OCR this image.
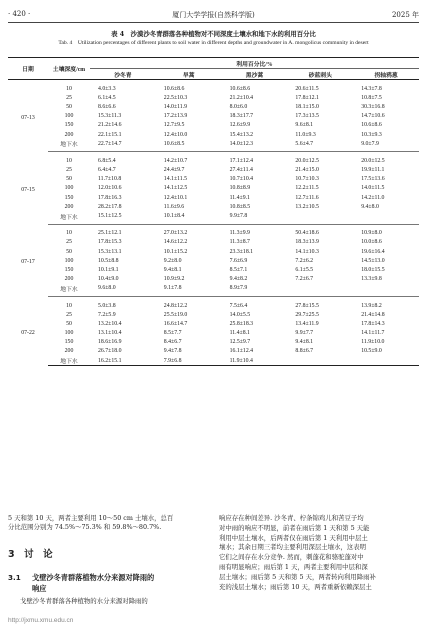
· 420 ·	厦门大学学报(自然科学版)	2025 年
表 4　沙漠沙冬青群落各种植物对不同深度土壤水和地下水的利用百分比
Tab. 4　Utilization percentages of different plants to soil water in different depths and groundwater in A. mongolicus community in desert
日期	土壤深度/cm	利用百分比/%				
		沙冬青	旱蒿	黑沙蒿	砂蓝刺头	拐轴鸦葱
07-13	10	4.0±3.3	10.6±8.6	10.6±8.6	20.6±11.5	14.3±7.8
	25	6.1±4.5	22.5±10.3	21.2±10.4	17.8±12.1	10.8±7.5
	50	8.6±6.6	14.0±11.9	8.0±6.0	18.1±15.0	30.3±16.8
	100	15.3±11.3	17.2±13.9	18.3±17.7	17.3±13.5	14.7±10.6
	150	21.2±14.6	12.7±9.5	12.6±9.9	9.6±8.1	10.6±8.6
	200	22.1±15.1	12.4±10.0	15.4±13.2	11.0±9.3	10.3±9.3
	地下水	22.7±14.7	10.6±8.5	14.0±12.3	5.6±4.7	9.0±7.9
07-15	10	6.8±5.4	14.2±10.7	17.1±12.4	20.0±12.5	20.0±12.5
	25	6.4±4.7	24.4±9.7	27.4±11.4	21.4±15.0	19.9±11.1
	50	11.7±10.8	14.1±11.5	10.7±10.4	10.7±10.3	17.5±13.6
	100	12.0±10.6	14.1±12.5	10.8±8.9	12.2±11.5	14.0±11.5
	150	17.8±16.3	12.4±10.1	11.4±9.1	12.7±11.6	14.2±11.0
	200	28.2±17.8	11.6±9.6	10.8±8.5	13.2±10.5	9.4±8.0
	地下水	15.1±12.5	10.1±8.4	9.9±7.8		
07-17	10	25.1±12.1	27.0±13.2	11.3±9.9	50.4±18.6	10.9±8.0
	25	17.8±15.3	14.6±12.2	11.3±8.7	18.3±13.9	10.0±8.6
	50	15.3±13.1	10.1±15.2	23.3±18.1	14.1±10.3	19.6±16.4
	100	10.5±8.8	9.2±8.0	7.6±6.9	7.2±6.2	14.5±13.0
	150	10.1±9.1	9.4±8.1	8.5±7.1	6.1±5.5	18.0±15.5
	200	10.4±9.0	10.9±9.2	9.4±8.2	7.2±6.7	13.3±9.8
	地下水	9.6±8.0	9.1±7.8	8.9±7.9		
07-22	10	5.0±3.8	24.8±12.2	7.5±6.4	27.8±15.5	13.9±8.2
	25	7.2±5.9	25.5±19.0	14.0±5.5	29.7±25.5	21.4±14.8
	50	13.2±10.4	16.6±14.7	25.8±18.3	13.4±11.9	17.8±14.3
	100	13.1±10.4	8.5±7.7	11.4±8.1	9.9±7.7	14.1±11.7
	150	18.6±16.9	8.4±6.7	12.5±9.7	9.4±8.1	11.9±10.0
	200	26.7±18.0	9.4±7.8	16.1±12.4	8.8±6.7	10.5±9.0
	地下水	16.2±15.1	7.9±6.8	11.9±10.4		
5 天和第 10 天，两者主要利用 10～50 cm 土壤水，总百
分比范围分别为 74.5%～75.3% 和 59.8%～80.7%.
3　讨　论
3.1 戈壁沙冬青群落植物水分来源对降雨的
响应
戈壁沙冬青群落各种植物的水分来源对降雨的
响应存在种间差异. 沙冬青、柠条锦鸡儿和苦豆子均
对中雨的响应不明显，前者在雨后第 1 天和第 5 天能
利用中层土壤水，后两者仅在雨后第 1 天利用中层土
壤水；其余日期三者均主要利用深层土壤水，这表明
它们之间存在水分竞争. 然而，刺蓬花和骆驼蓬对中
雨有明显响应；雨后第 1 天，两者主要利用中层和深
层土壤水；雨后第 5 天和第 5 天，两者转向利用降雨补
充的浅层土壤水；雨后第 10 天，两者重新依赖深层土
http://jxmu.xmu.edu.cn
